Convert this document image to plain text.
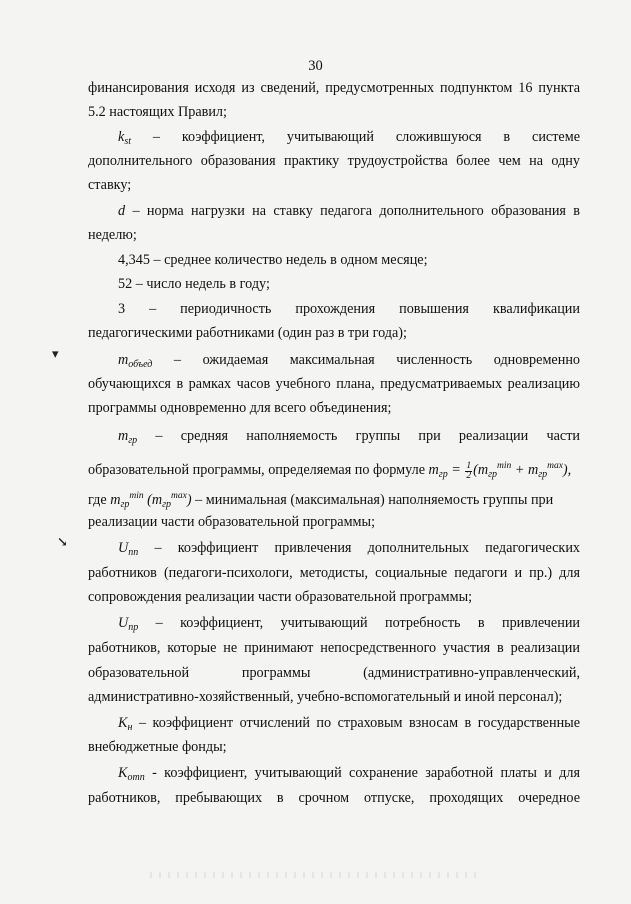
30
финансирования исходя из сведений, предусмотренных подпунктом 16 пункта
5.2 настоящих Правил;
$k_{st}$ – коэффициент, учитывающий сложившуюся в системе
дополнительного образования практику трудоустройства более чем на одну
ставку;
d – норма нагрузки на ставку педагога дополнительного образования в
неделю;
4,345 – среднее количество недель в одном месяце;
52 – число недель в году;
3 – периодичность прохождения повышения квалификации
педагогическими работниками (один раз в три года);
$m_{объед}$ – ожидаемая максимальная численность одновременно
обучающихся в рамках часов учебного плана, предусматриваемых реализацию
программы одновременно для всего объединения;
$m_{гр}$ – средняя наполняемость группы при реализации части
образовательной программы, определяемая по формуле $m_{гр} = \frac{1}{2} (m_{гр}^{min} + m_{гр}^{max})$,
где $m_{гр}^{min}$ $(m_{гр}^{max})$ – минимальная (максимальная) наполняемость группы при
реализации части образовательной программы;
$U_{пп}$ – коэффициент привлечения дополнительных педагогических
работников (педагоги-психологи, методисты, социальные педагоги и пр.) для
сопровождения реализации части образовательной программы;
$U_{пр}$ – коэффициент, учитывающий потребность в привлечении
работников, которые не принимают непосредственного участия в реализации
образовательной программы (административно-управленческий,
административно-хозяйственный, учебно-вспомогательный и иной персонал);
$K_н$ – коэффициент отчислений по страховым взносам в государственные
внебюджетные фонды;
$K_{отп}$ - коэффициент, учитывающий сохранение заработной платы и для
работников, пребывающих в срочном отпуске, проходящих очередное
▾
↘
